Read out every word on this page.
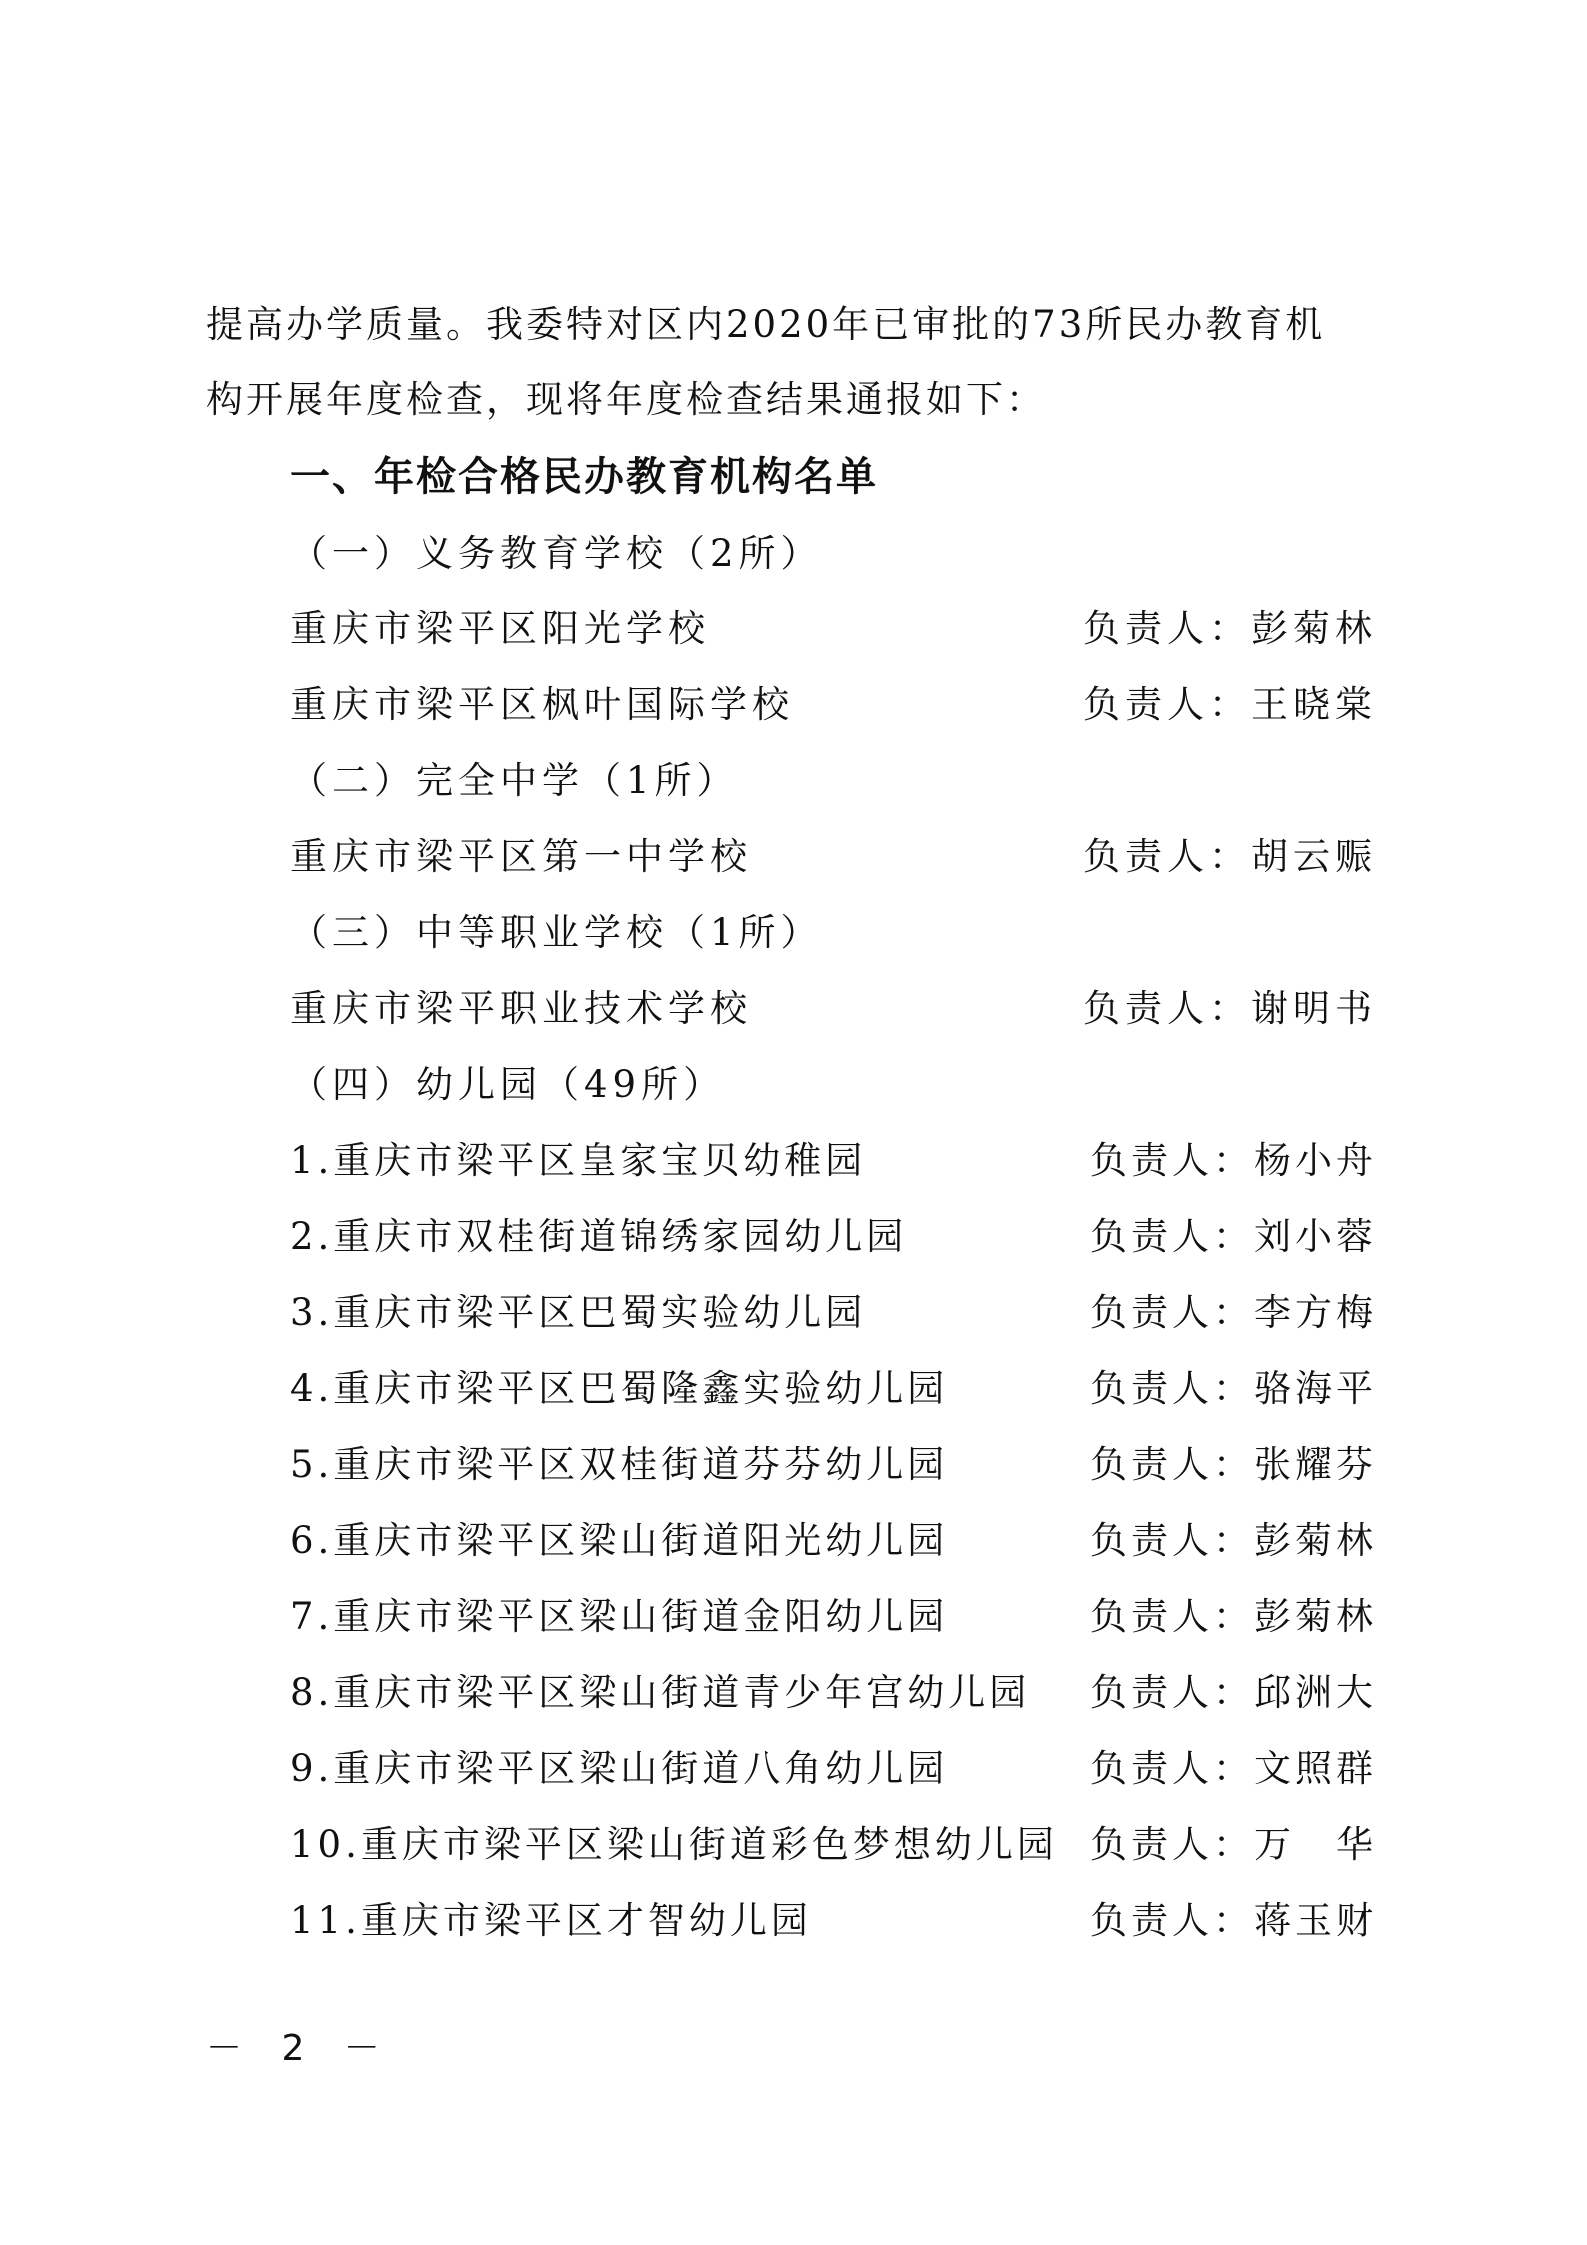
提高办学质量。我委特对区内2020年已审批的73所民办教育机
构开展年度检查，现将年度检查结果通报如下：
一、年检合格民办教育机构名单
（一）义务教育学校（2所）
重庆市梁平区阳光学校	负责人：彭菊林
重庆市梁平区枫叶国际学校	负责人：王晓棠
（二）完全中学（1所）
重庆市梁平区第一中学校	负责人：胡云赈
（三）中等职业学校（1所）
重庆市梁平职业技术学校	负责人：谢明书
（四）幼儿园（49所）
1.重庆市梁平区皇家宝贝幼稚园	负责人：杨小舟
2.重庆市双桂街道锦绣家园幼儿园	负责人：刘小蓉
3.重庆市梁平区巴蜀实验幼儿园	负责人：李方梅
4.重庆市梁平区巴蜀隆鑫实验幼儿园	负责人：骆海平
5.重庆市梁平区双桂街道芬芬幼儿园	负责人：张耀芬
6.重庆市梁平区梁山街道阳光幼儿园	负责人：彭菊林
7.重庆市梁平区梁山街道金阳幼儿园	负责人：彭菊林
8.重庆市梁平区梁山街道青少年宫幼儿园 负责人：邱洲大
9.重庆市梁平区梁山街道八角幼儿园	负责人：文照群
10.重庆市梁平区梁山街道彩色梦想幼儿园 负责人：万　华
11.重庆市梁平区才智幼儿园	负责人：蒋玉财
－ 2 －
